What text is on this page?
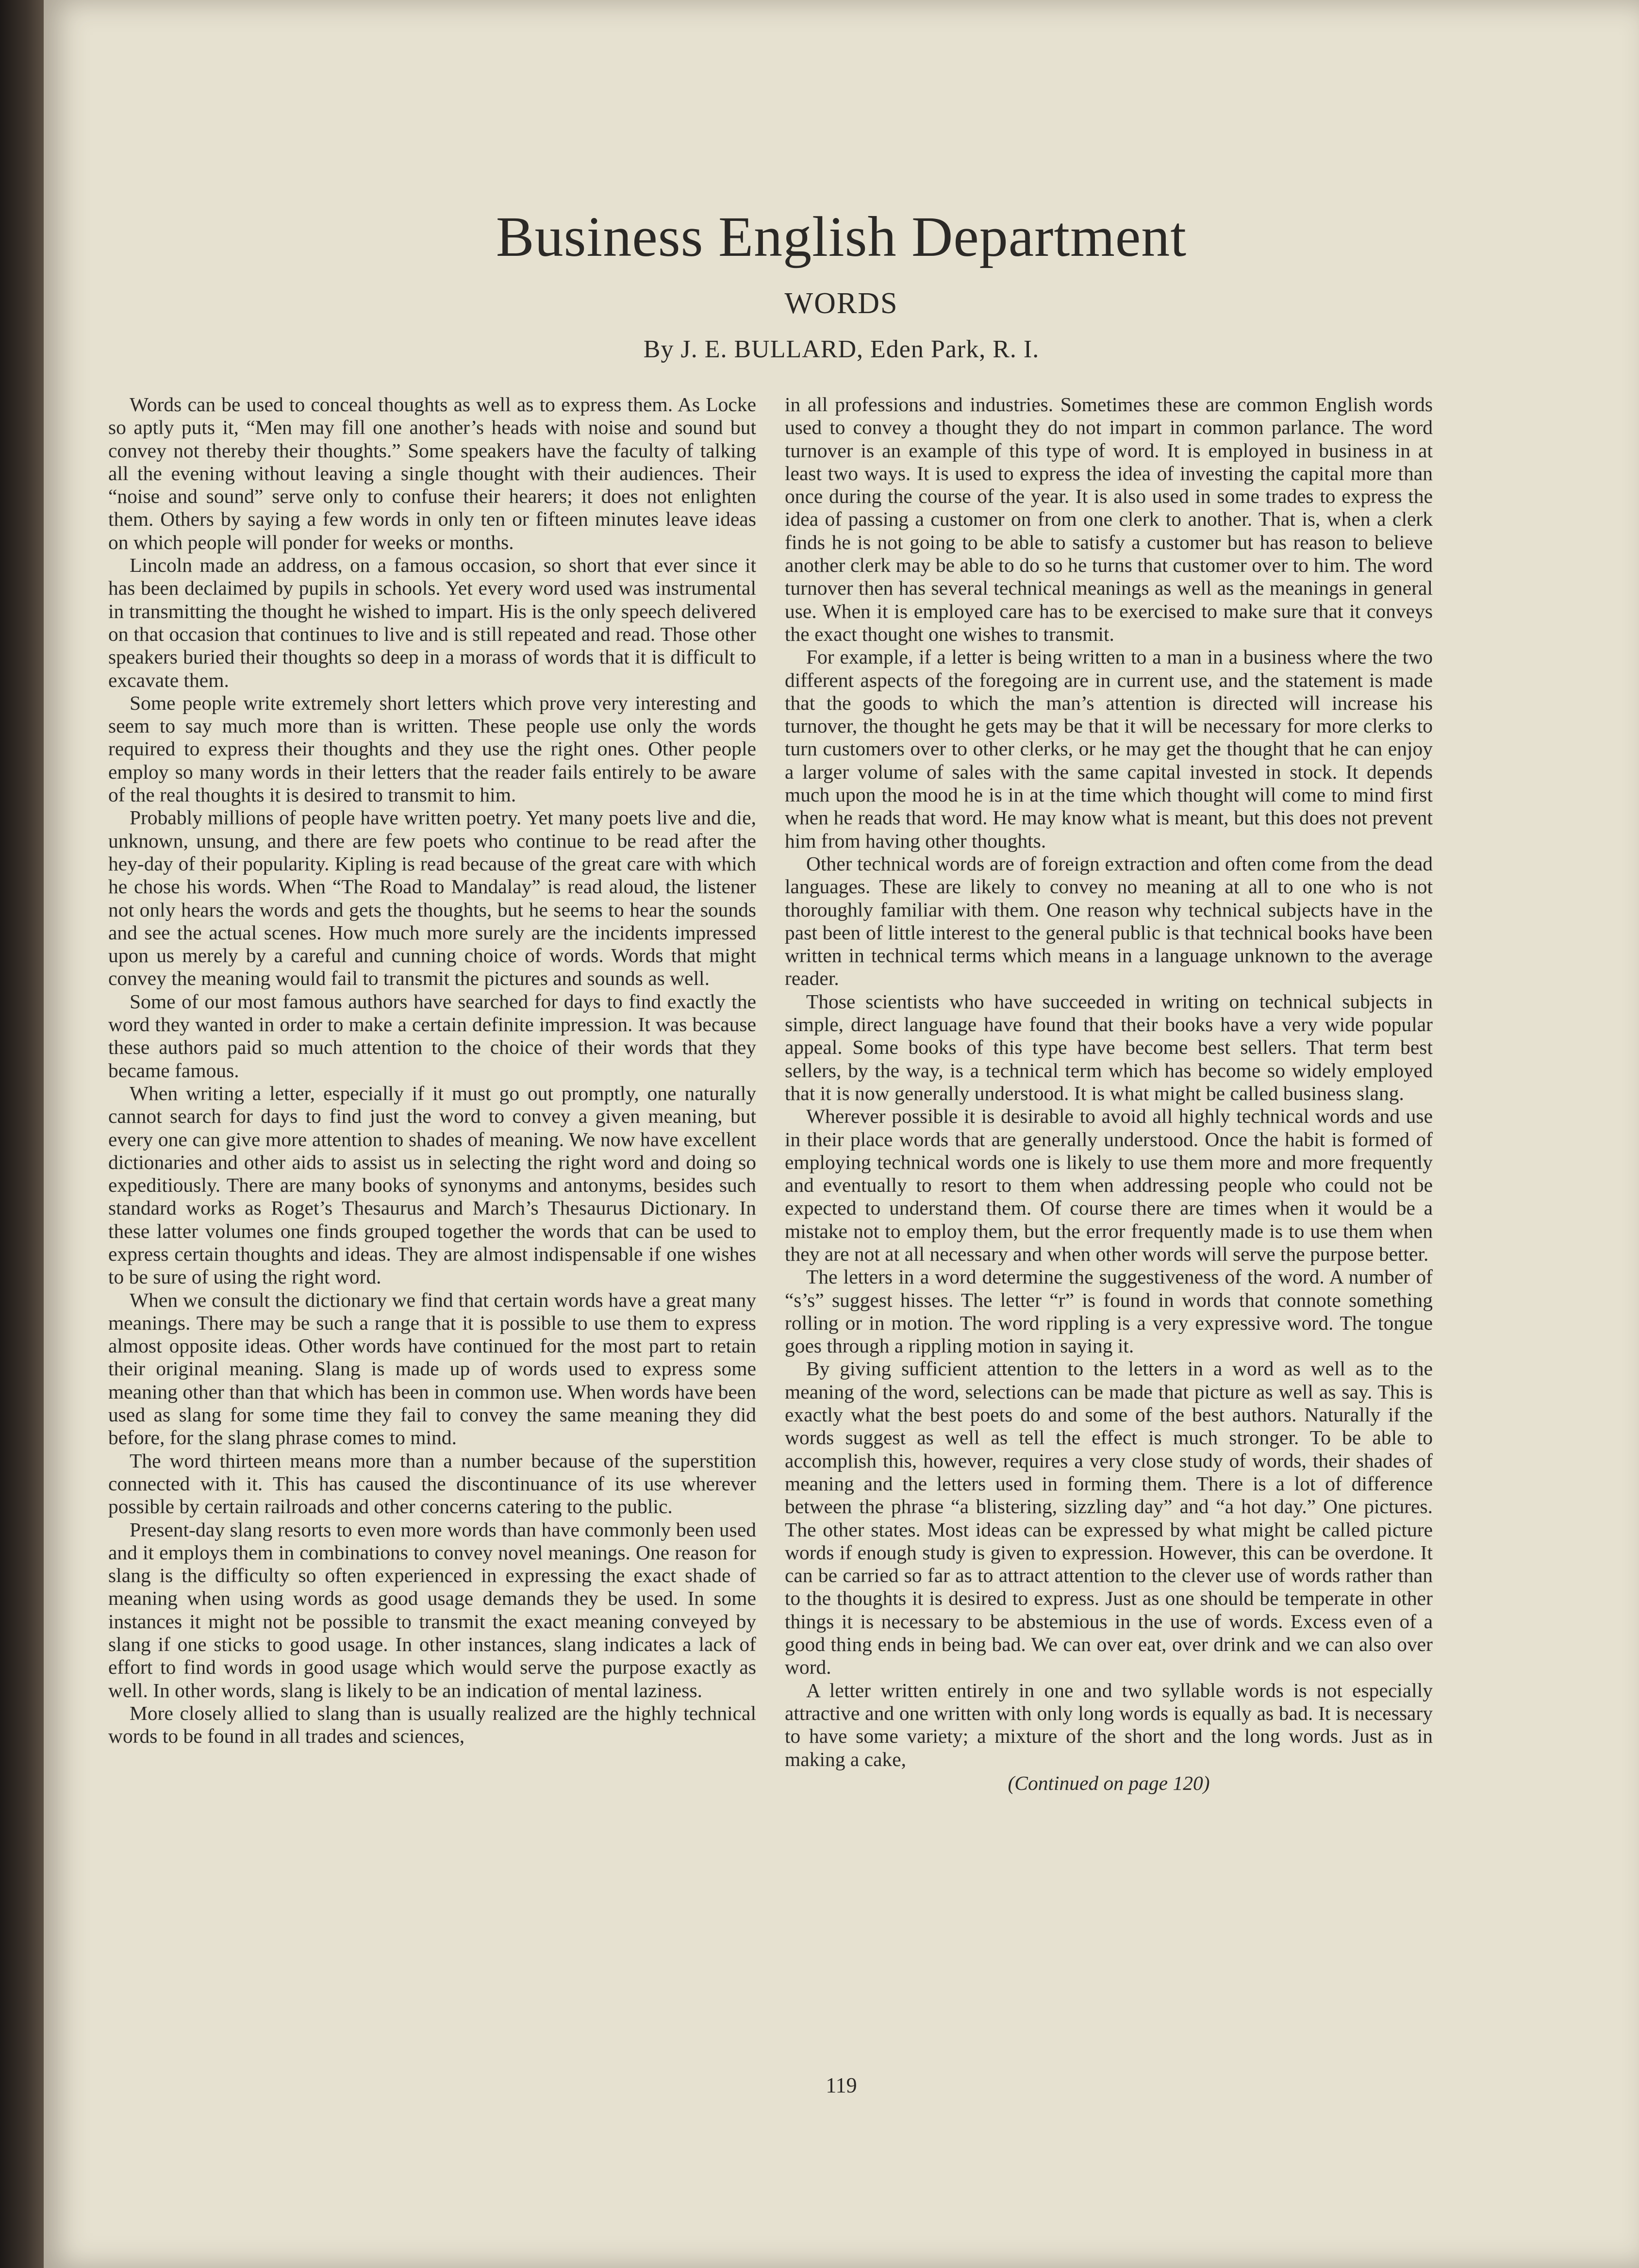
Business English Department
WORDS
By J. E. BULLARD, Eden Park, R. I.

Words can be used to conceal thoughts as well as to express them. As Locke so aptly puts it, “Men may fill one another’s heads with noise and sound but convey not thereby their thoughts.” Some speakers have the faculty of talking all the evening without leaving a single thought with their audiences. Their “noise and sound” serve only to confuse their hearers; it does not enlighten them. Others by saying a few words in only ten or fifteen minutes leave ideas on which people will ponder for weeks or months.

Lincoln made an address, on a famous occasion, so short that ever since it has been declaimed by pupils in schools. Yet every word used was instrumental in transmitting the thought he wished to impart. His is the only speech delivered on that occasion that continues to live and is still repeated and read. Those other speakers buried their thoughts so deep in a morass of words that it is difficult to excavate them.

Some people write extremely short letters which prove very interesting and seem to say much more than is written. These people use only the words required to express their thoughts and they use the right ones. Other people employ so many words in their letters that the reader fails entirely to be aware of the real thoughts it is desired to transmit to him.

Probably millions of people have written poetry. Yet many poets live and die, unknown, unsung, and there are few poets who continue to be read after the hey-day of their popularity. Kipling is read because of the great care with which he chose his words. When “The Road to Mandalay” is read aloud, the listener not only hears the words and gets the thoughts, but he seems to hear the sounds and see the actual scenes. How much more surely are the incidents impressed upon us merely by a careful and cunning choice of words. Words that might convey the meaning would fail to transmit the pictures and sounds as well.

Some of our most famous authors have searched for days to find exactly the word they wanted in order to make a certain definite impression. It was because these authors paid so much attention to the choice of their words that they became famous.

When writing a letter, especially if it must go out promptly, one naturally cannot search for days to find just the word to convey a given meaning, but every one can give more attention to shades of meaning. We now have excellent dictionaries and other aids to assist us in selecting the right word and doing so expeditiously. There are many books of synonyms and antonyms, besides such standard works as Roget’s Thesaurus and March’s Thesaurus Dictionary. In these latter volumes one finds grouped together the words that can be used to express certain thoughts and ideas. They are almost indispensable if one wishes to be sure of using the right word.

When we consult the dictionary we find that certain words have a great many meanings. There may be such a range that it is possible to use them to express almost opposite ideas. Other words have continued for the most part to retain their original meaning. Slang is made up of words used to express some meaning other than that which has been in common use. When words have been used as slang for some time they fail to convey the same meaning they did before, for the slang phrase comes to mind.

The word thirteen means more than a number because of the superstition connected with it. This has caused the discontinuance of its use wherever possible by certain railroads and other concerns catering to the public.

Present-day slang resorts to even more words than have commonly been used and it employs them in combinations to convey novel meanings. One reason for slang is the difficulty so often experienced in expressing the exact shade of meaning when using words as good usage demands they be used. In some instances it might not be possible to transmit the exact meaning conveyed by slang if one sticks to good usage. In other instances, slang indicates a lack of effort to find words in good usage which would serve the purpose exactly as well. In other words, slang is likely to be an indication of mental laziness.

More closely allied to slang than is usually realized are the highly technical words to be found in all trades and sciences,

in all professions and industries. Sometimes these are common English words used to convey a thought they do not impart in common parlance. The word turnover is an example of this type of word. It is employed in business in at least two ways. It is used to express the idea of investing the capital more than once during the course of the year. It is also used in some trades to express the idea of passing a customer on from one clerk to another. That is, when a clerk finds he is not going to be able to satisfy a customer but has reason to believe another clerk may be able to do so he turns that customer over to him. The word turnover then has several technical meanings as well as the meanings in general use. When it is employed care has to be exercised to make sure that it conveys the exact thought one wishes to transmit.

For example, if a letter is being written to a man in a business where the two different aspects of the foregoing are in current use, and the statement is made that the goods to which the man’s attention is directed will increase his turnover, the thought he gets may be that it will be necessary for more clerks to turn customers over to other clerks, or he may get the thought that he can enjoy a larger volume of sales with the same capital invested in stock. It depends much upon the mood he is in at the time which thought will come to mind first when he reads that word. He may know what is meant, but this does not prevent him from having other thoughts.

Other technical words are of foreign extraction and often come from the dead languages. These are likely to convey no meaning at all to one who is not thoroughly familiar with them. One reason why technical subjects have in the past been of little interest to the general public is that technical books have been written in technical terms which means in a language unknown to the average reader.

Those scientists who have succeeded in writing on technical subjects in simple, direct language have found that their books have a very wide popular appeal. Some books of this type have become best sellers. That term best sellers, by the way, is a technical term which has become so widely employed that it is now generally understood. It is what might be called business slang.

Wherever possible it is desirable to avoid all highly technical words and use in their place words that are generally understood. Once the habit is formed of employing technical words one is likely to use them more and more frequently and eventually to resort to them when addressing people who could not be expected to understand them. Of course there are times when it would be a mistake not to employ them, but the error frequently made is to use them when they are not at all necessary and when other words will serve the purpose better.

The letters in a word determine the suggestiveness of the word. A number of “s’s” suggest hisses. The letter “r” is found in words that connote something rolling or in motion. The word rippling is a very expressive word. The tongue goes through a rippling motion in saying it.

By giving sufficient attention to the letters in a word as well as to the meaning of the word, selections can be made that picture as well as say. This is exactly what the best poets do and some of the best authors. Naturally if the words suggest as well as tell the effect is much stronger. To be able to accomplish this, however, requires a very close study of words, their shades of meaning and the letters used in forming them. There is a lot of difference between the phrase “a blistering, sizzling day” and “a hot day.” One pictures. The other states. Most ideas can be expressed by what might be called picture words if enough study is given to expression. However, this can be overdone. It can be carried so far as to attract attention to the clever use of words rather than to the thoughts it is desired to express. Just as one should be temperate in other things it is necessary to be abstemious in the use of words. Excess even of a good thing ends in being bad. We can over eat, over drink and we can also over word.

A letter written entirely in one and two syllable words is not especially attractive and one written with only long words is equally as bad. It is necessary to have some variety; a mixture of the short and the long words. Just as in making a cake,

(Continued on page 120)
119
